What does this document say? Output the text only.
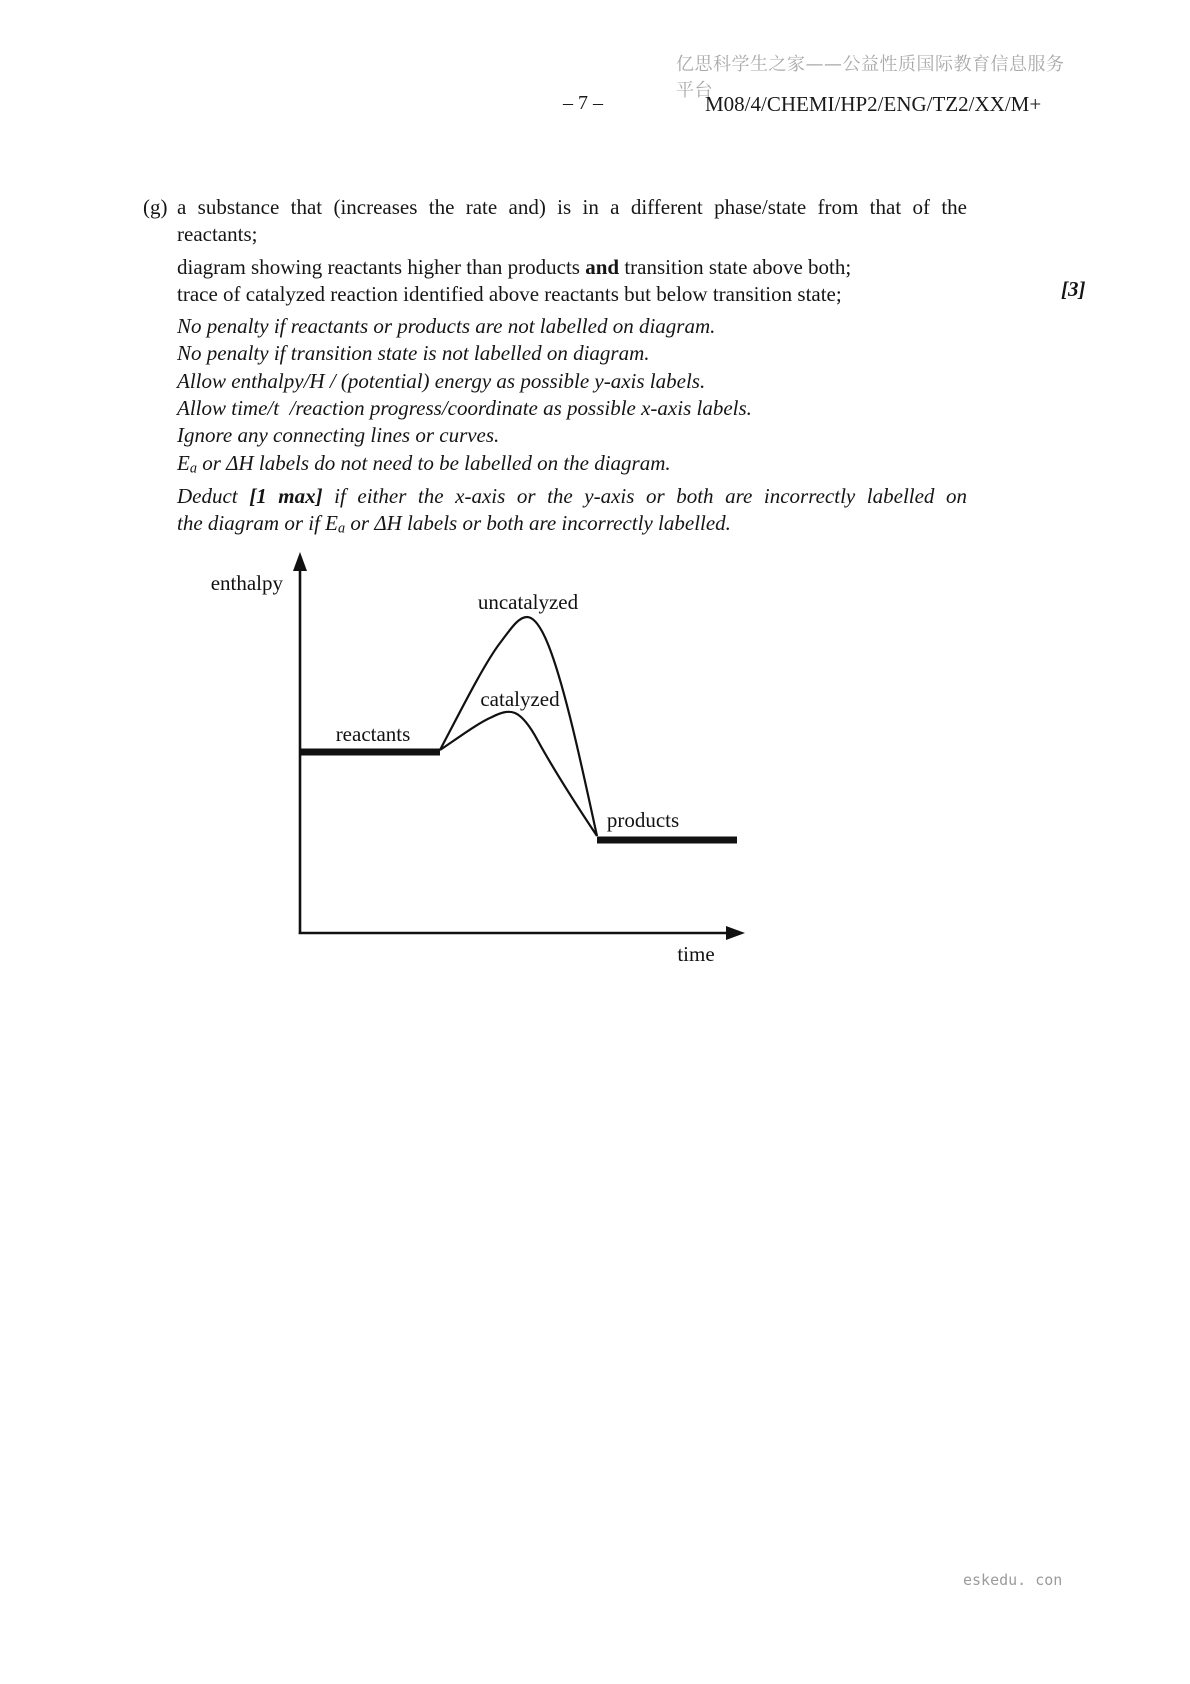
亿思科学生之家——公益性质国际教育信息服务平台
– 7 –	M08/4/CHEMI/HP2/ENG/TZ2/XX/M+
(g) a substance that (increases the rate and) is in a different phase/state from that of the
reactants;
diagram showing reactants higher than products and transition state above both;
trace of catalyzed reaction identified above reactants but below transition state;
No penalty if reactants or products are not labelled on diagram.
No penalty if transition state is not labelled on diagram.
Allow enthalpy/H / (potential) energy as possible y-axis labels.
Allow time/t  /reaction progress/coordinate as possible x-axis labels.
Ignore any connecting lines or curves.
Ea or ΔH labels do not need to be labelled on the diagram.
Deduct [1 max] if either the x-axis or the y-axis or both are incorrectly labelled on
the diagram or if Ea or ΔH labels or both are incorrectly labelled.
[3]
enthalpy
uncatalyzed
catalyzed
reactants
products
time
eskedu. con
